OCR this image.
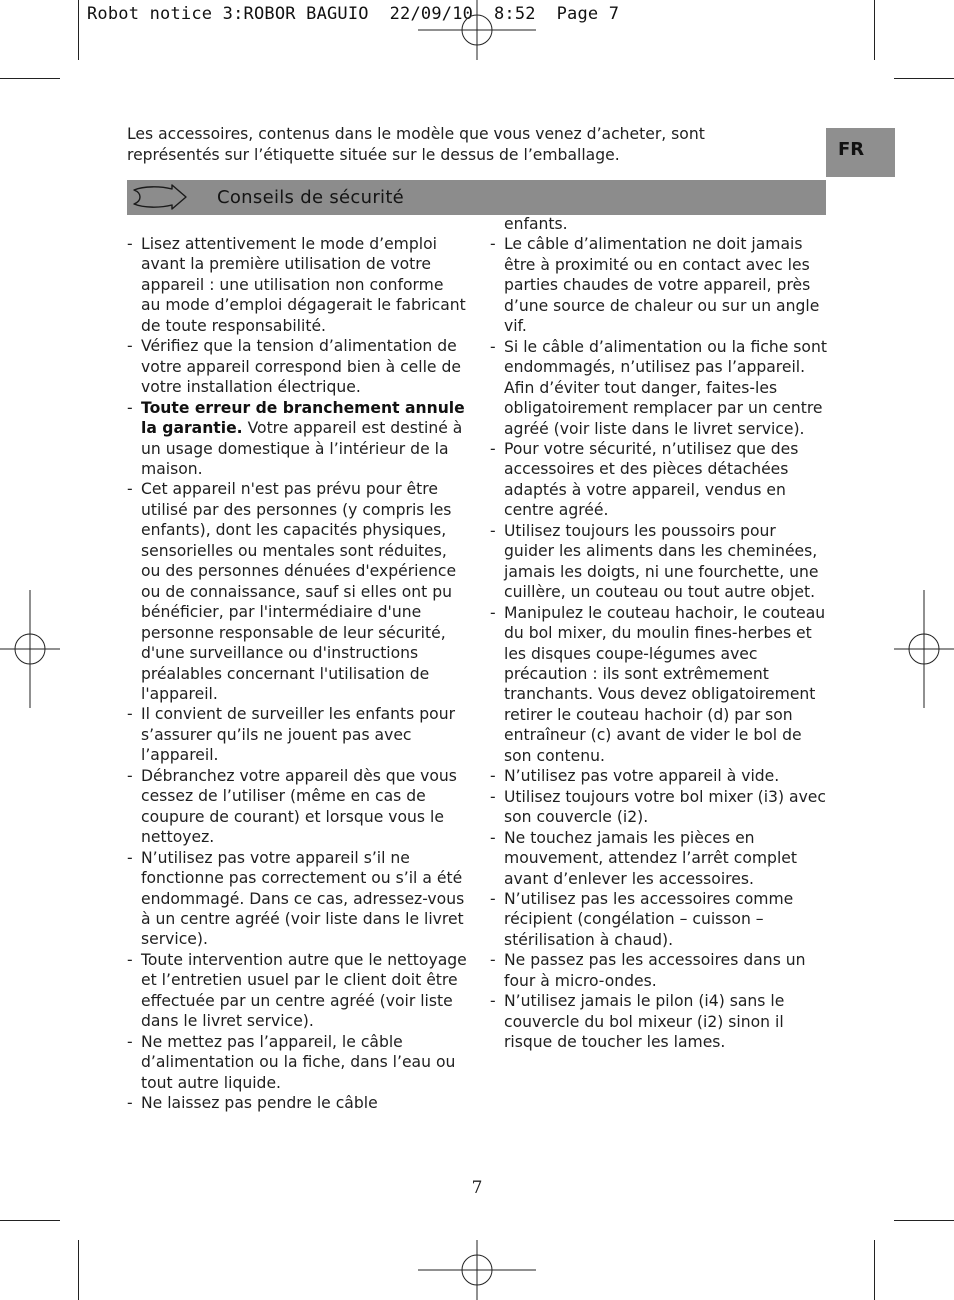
Robot notice 3:ROBOR BAGUIO  22/09/10  8:52  Page 7

Les accessoires, contenus dans le modèle que vous venez d’acheter, sont représentés sur l’étiquette située sur le dessus de l’emballage.	FR
Conseils de sécurité
- Lisez attentivement le mode d’emploi avant la première utilisation de votre appareil : une utilisation non conforme au mode d’emploi dégagerait le fabricant de toute responsabilité.
- Vérifiez que la tension d’alimentation de votre appareil correspond bien à celle de votre installation électrique.
- Toute erreur de branchement annule la garantie. Votre appareil est destiné à un usage domestique à l’intérieur de la maison.
- Cet appareil n'est pas prévu pour être utilisé par des personnes (y compris les enfants), dont les capacités physiques, sensorielles ou mentales sont réduites, ou des personnes dénuées d'expérience ou de connaissance, sauf si elles ont pu bénéficier, par l'intermédiaire d'une personne responsable de leur sécurité, d'une surveillance ou d'instructions préalables concernant l'utilisation de l'appareil.
- Il convient de surveiller les enfants pour s’assurer qu’ils ne jouent pas avec l’appareil.
- Débranchez votre appareil dès que vous cessez de l’utiliser (même en cas de coupure de courant) et lorsque vous le nettoyez.
- N’utilisez pas votre appareil s’il ne fonctionne pas correctement ou s’il a été endommagé. Dans ce cas, adressez-vous à un centre agréé (voir liste dans le livret service).
- Toute intervention autre que le nettoyage et l’entretien usuel par le client doit être effectuée par un centre agréé (voir liste dans le livret service).
- Ne mettez pas l’appareil, le câble d’alimentation ou la fiche, dans l’eau ou tout autre liquide.
- Ne laissez pas pendre le câble
enfants.
- Le câble d’alimentation ne doit jamais être à proximité ou en contact avec les parties chaudes de votre appareil, près d’une source de chaleur ou sur un angle vif.
- Si le câble d’alimentation ou la fiche sont endommagés, n’utilisez pas l’appareil. Afin d’éviter tout danger, faites-les obligatoirement remplacer par un centre agréé (voir liste dans le livret service).
- Pour votre sécurité, n’utilisez que des accessoires et des pièces détachées adaptés à votre appareil, vendus en centre agréé.
- Utilisez toujours les poussoirs pour guider les aliments dans les cheminées, jamais les doigts, ni une fourchette, une cuillère, un couteau ou tout autre objet.
- Manipulez le couteau hachoir, le couteau du bol mixer, du moulin fines-herbes et les disques coupe-légumes avec précaution : ils sont extrêmement tranchants. Vous devez obligatoirement retirer le couteau hachoir (d) par son entraîneur (c) avant de vider le bol de son contenu.
- N’utilisez pas votre appareil à vide.
- Utilisez toujours votre bol mixer (i3) avec son couvercle (i2).
- Ne touchez jamais les pièces en mouvement, attendez l’arrêt complet avant d’enlever les accessoires.
- N’utilisez pas les accessoires comme récipient (congélation – cuisson – stérilisation à chaud).
- Ne passez pas les accessoires dans un four à micro-ondes.
- N’utilisez jamais le pilon (i4) sans le couvercle du bol mixeur (i2) sinon il risque de toucher les lames.
7
